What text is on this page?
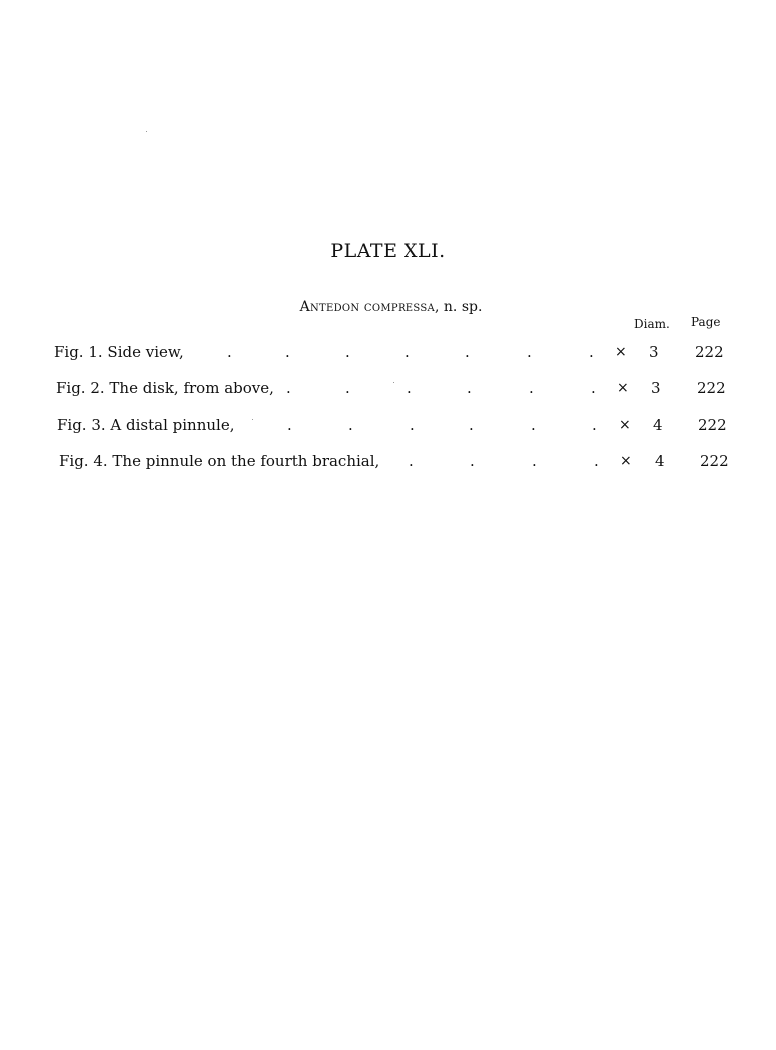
PLATE XLI.
Antedon compressa, n. sp.
Diam. Page
Fig. 1. Side view,	.	.	.	.	.	.	. × 3 222
Fig. 2. The disk, from above, .	.	.	.	.	. × 3 222
Fig. 3. A distal pinnule,	.	.	.	.	.	. × 4 222
Fig. 4. The pinnule on the fourth brachial, .	.	.	. × 4 222
